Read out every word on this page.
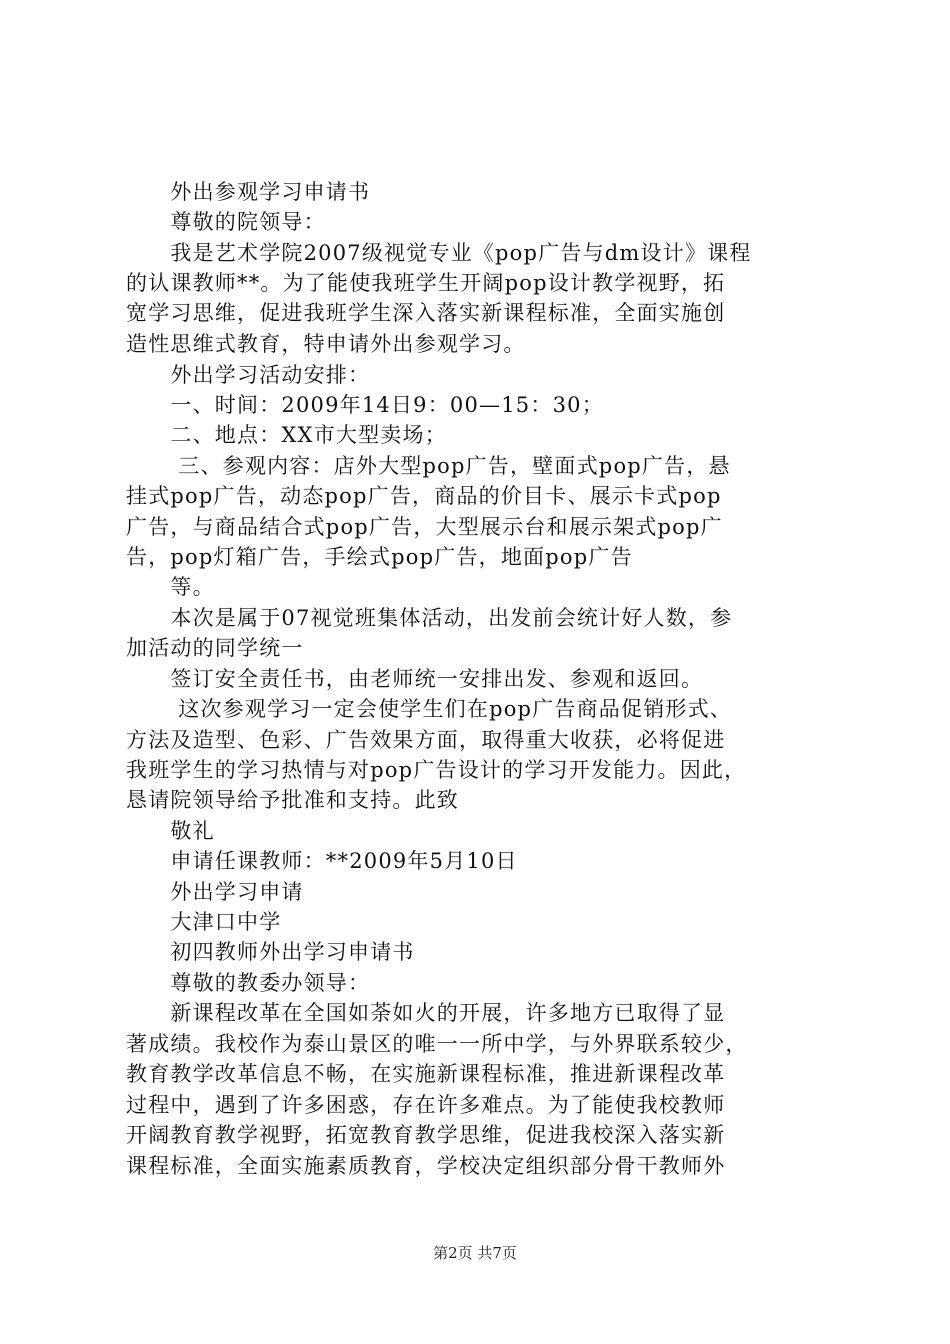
　　外出参观学习申请书
　　尊敬的院领导：
　　我是艺术学院2007级视觉专业《pop广告与dm设计》课程
的认课教师**。为了能使我班学生开阔pop设计教学视野，拓
宽学习思维，促进我班学生深入落实新课程标准，全面实施创
造性思维式教育，特申请外出参观学习。
　　外出学习活动安排：
　　一、时间：2009年14日9：00—15：30；
　　二、地点：XX市大型卖场；
　　 三、参观内容：店外大型pop广告，壁面式pop广告，悬
挂式pop广告，动态pop广告，商品的价目卡、展示卡式pop
广告，与商品结合式pop广告，大型展示台和展示架式pop广
告，pop灯箱广告，手绘式pop广告，地面pop广告
　　等。
　　本次是属于07视觉班集体活动，出发前会统计好人数，参
加活动的同学统一
　　签订安全责任书，由老师统一安排出发、参观和返回。
　　 这次参观学习一定会使学生们在pop广告商品促销形式、
方法及造型、色彩、广告效果方面，取得重大收获，必将促进
我班学生的学习热情与对pop广告设计的学习开发能力。因此，
恳请院领导给予批准和支持。此致
　　敬礼
　　申请任课教师：**2009年5月10日
　　外出学习申请
　　大津口中学
　　初四教师外出学习申请书
　　尊敬的教委办领导：
　　新课程改革在全国如荼如火的开展，许多地方已取得了显
著成绩。我校作为泰山景区的唯一一所中学，与外界联系较少，
教育教学改革信息不畅，在实施新课程标准，推进新课程改革
过程中，遇到了许多困惑，存在许多难点。为了能使我校教师
开阔教育教学视野，拓宽教育教学思维，促进我校深入落实新
课程标准，全面实施素质教育，学校决定组织部分骨干教师外
第2页 共7页
